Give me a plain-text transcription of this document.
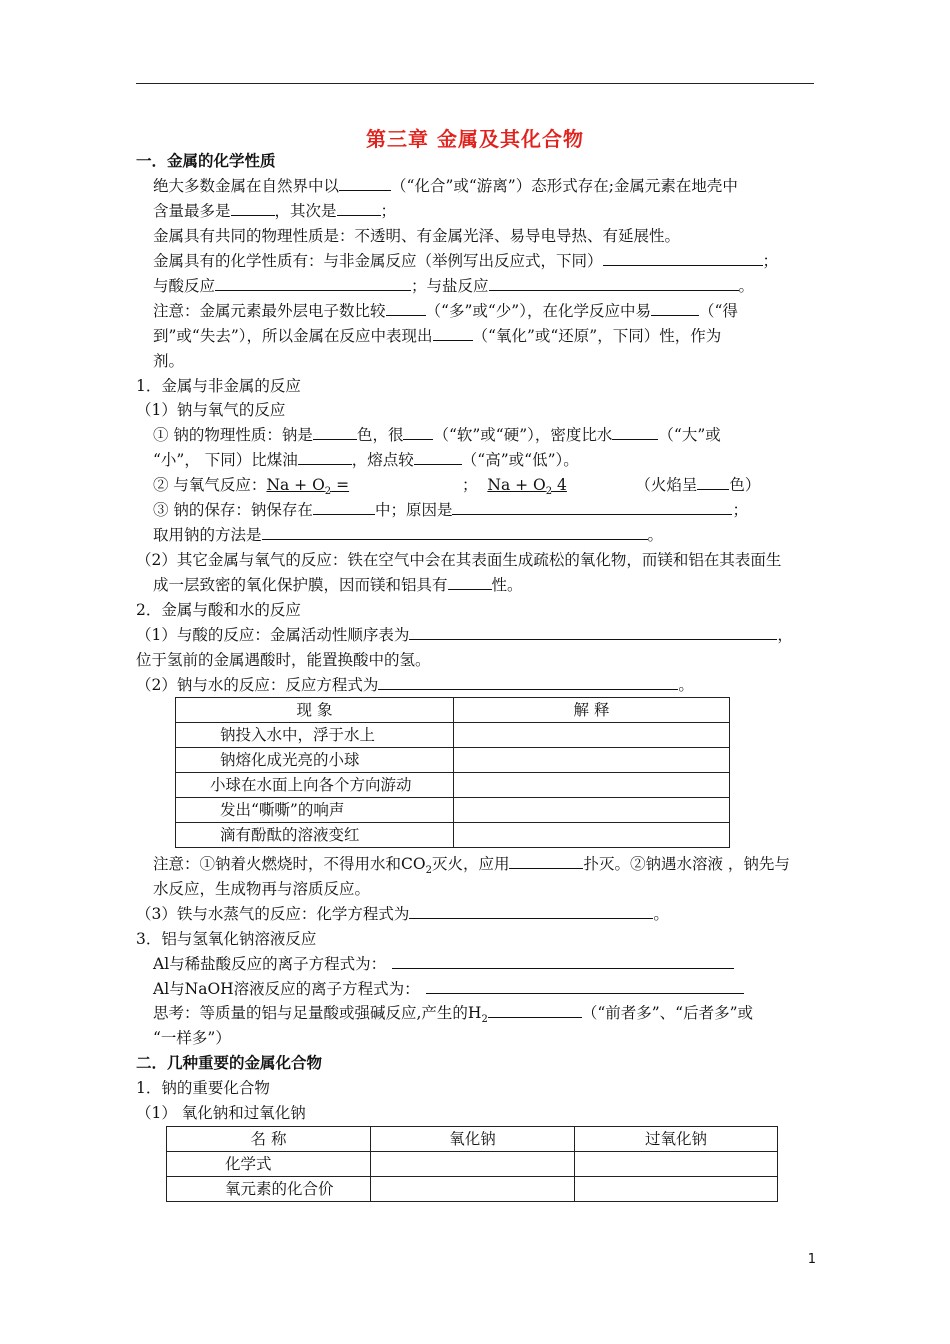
第三章 金属及其化合物
一．金属的化学性质
绝大多数金属在自然界中以	（“化合”或“游离”）态形式存在;金属元素在地壳中
含量最多是	，其次是	；
金属具有共同的物理性质是：不透明、有金属光泽、易导电导热、有延展性。
金属具有的化学性质有：与非金属反应（举例写出反应式，下同）	；
与酸反应	；与盐反应	。
注意：金属元素最外层电子数比较	（“多”或“少”），在化学反应中易	（“得
到”或“失去”），所以金属在反应中表现出	（“氧化”或“还原”，下同）性，作为
剂。
1．金属与非金属的反应
（1）钠与氧气的反应
① 钠的物理性质：钠是	色，很 （“软”或“硬”），密度比水	（“大”或
“小”， 下同）比煤油	，熔点较	（“高”或“低”）。
② 与氧气反应：$Na + O_2$ =	； $Na + O_2$ 4	（火焰呈 色）
③ 钠的保存：钠保存在	中；原因是	；
取用钠的方法是	。
（2）其它金属与氧气的反应：铁在空气中会在其表面生成疏松的氧化物，而镁和铝在其表面生
成一层致密的氧化保护膜，因而镁和铝具有	性。
2．金属与酸和水的反应
（1）与酸的反应：金属活动性顺序表为	，
位于氢前的金属遇酸时，能置换酸中的氢。
（2）钠与水的反应：反应方程式为	。
现 象	解 释
钠投入水中，浮于水上	
钠熔化成光亮的小球	
小球在水面上向各个方向游动	
发出“嘶嘶”的响声	
滴有酚酞的溶液变红	
注意：①钠着火燃烧时，不得用水和$CO_2$灭火，应用	扑灭。②钠遇水溶液 ，钠先与
水反应，生成物再与溶质反应。
（3）铁与水蒸气的反应：化学方程式为	。
3．铝与氢氧化钠溶液反应
Al与稀盐酸反应的离子方程式为：
Al与NaOH溶液反应的离子方程式为：
思考：等质量的铝与足量酸或强碱反应,产生的$H_2$	（“前者多”、“后者多”或
“一样多”）
二．几种重要的金属化合物
1．钠的重要化合物
（1） 氧化钠和过氧化钠
名 称	氧化钠	过氧化钠
化学式		
氧元素的化合价		
1
